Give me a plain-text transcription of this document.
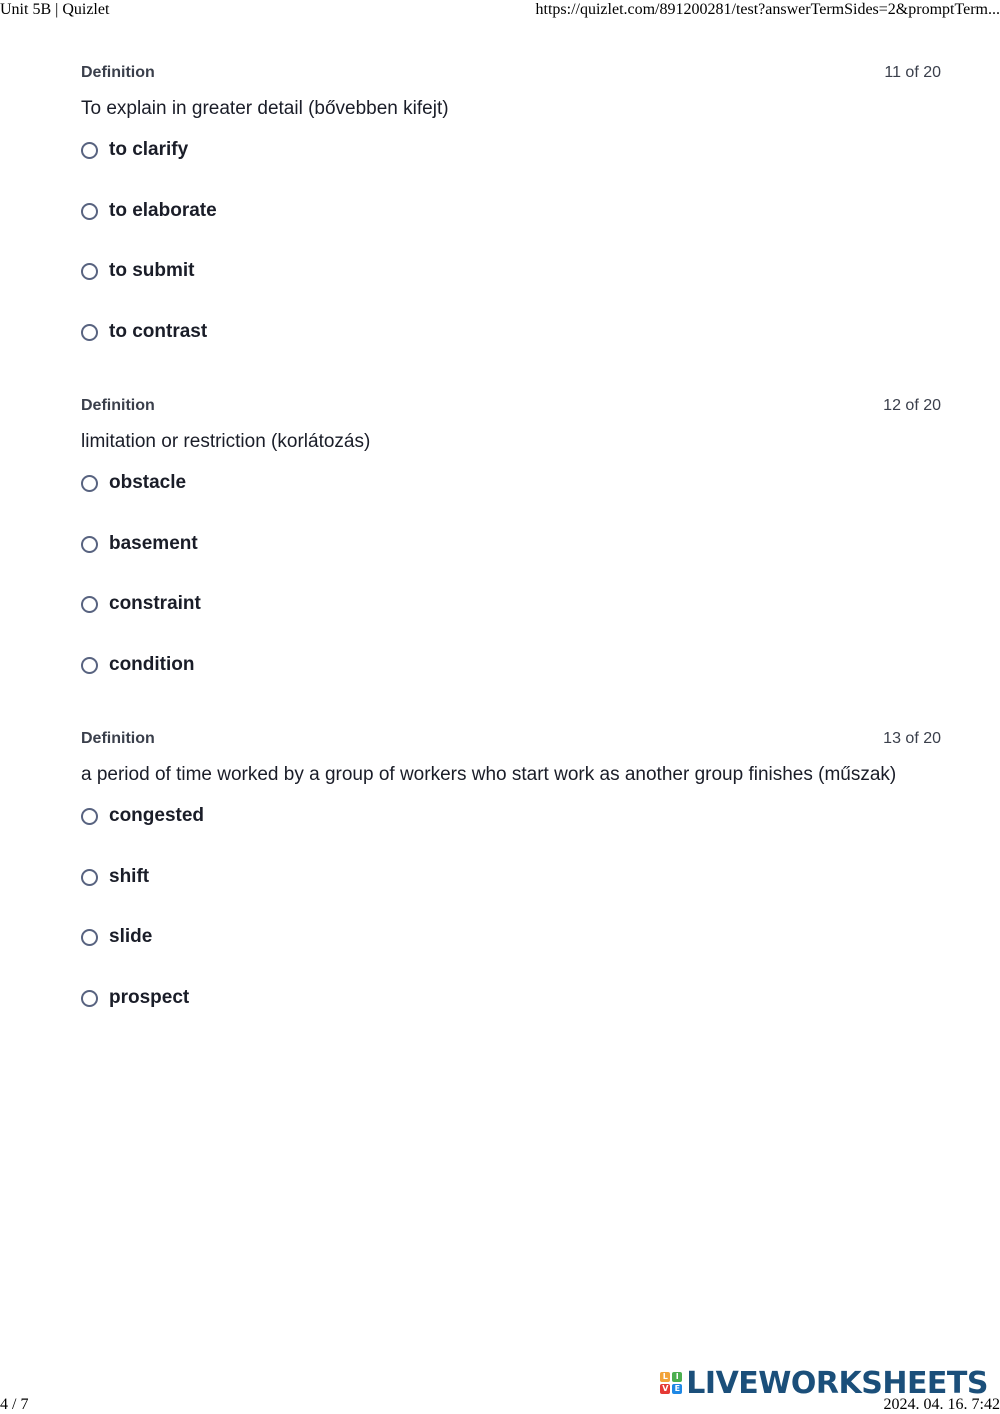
Unit 5B | Quizlet	https://quizlet.com/891200281/test?answerTermSides=2&promptTerm...
Definition	11 of 20
To explain in greater detail (bővebben kifejt)
to clarify
to elaborate
to submit
to contrast
Definition	12 of 20
limitation or restriction (korlátozás)
obstacle
basement
constraint
condition
Definition	13 of 20
a period of time worked by a group of workers who start work as another group finishes (műszak)
congested
shift
slide
prospect
L I
V E LIVEWORKSHEETS
4 / 7	2024. 04. 16. 7:42
